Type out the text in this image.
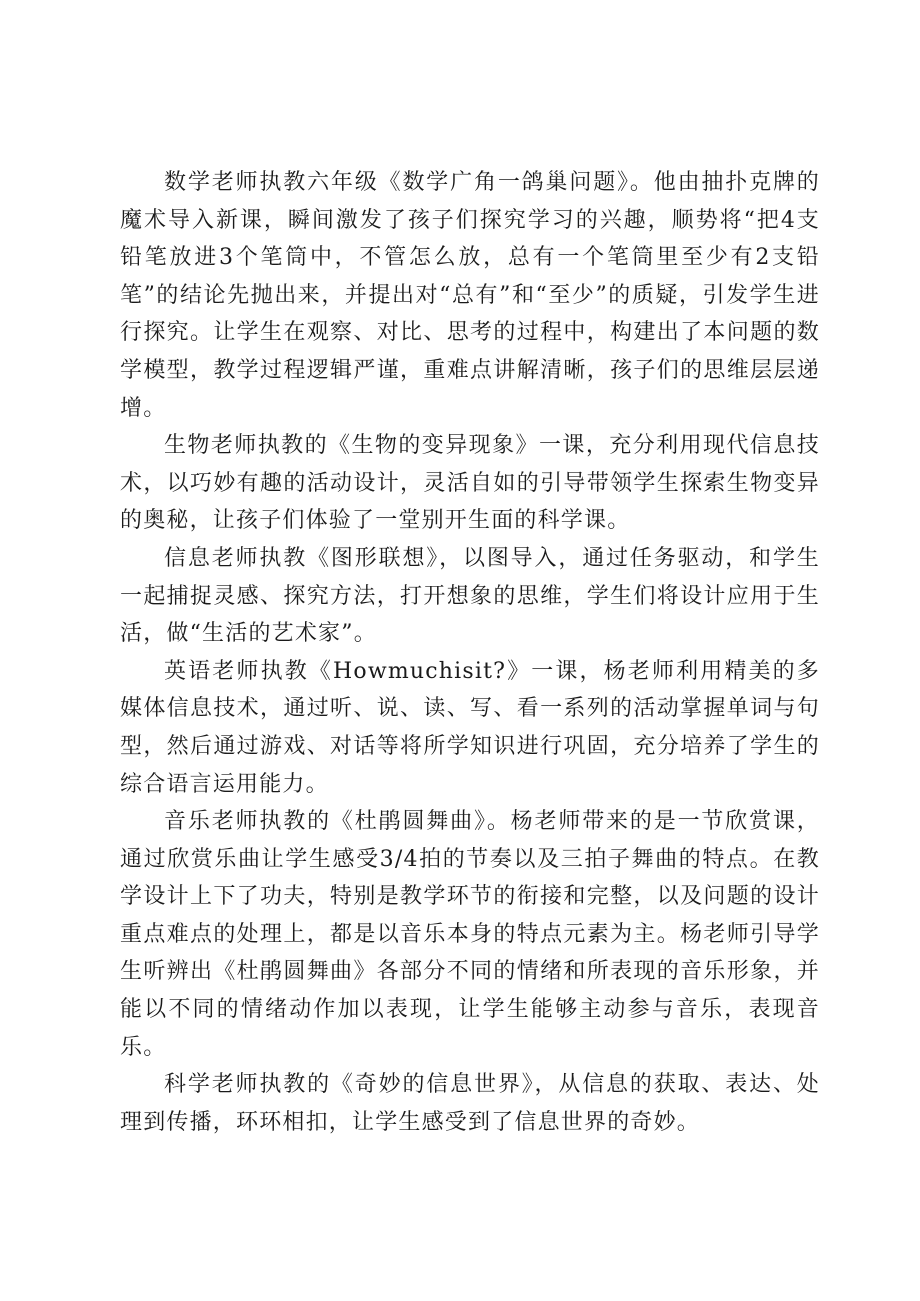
数学老师执教六年级《数学广角一鸽巢问题》。他由抽扑克牌的魔术导入新课，瞬间激发了孩子们探究学习的兴趣，顺势将“把4支铅笔放进3个笔筒中，不管怎么放，总有一个笔筒里至少有2支铅笔”的结论先抛出来，并提出对“总有”和“至少”的质疑，引发学生进行探究。让学生在观察、对比、思考的过程中，构建出了本问题的数学模型，教学过程逻辑严谨，重难点讲解清晰，孩子们的思维层层递增。

生物老师执教的《生物的变异现象》一课，充分利用现代信息技术，以巧妙有趣的活动设计，灵活自如的引导带领学生探索生物变异的奥秘，让孩子们体验了一堂别开生面的科学课。

信息老师执教《图形联想》，以图导入，通过任务驱动，和学生一起捕捉灵感、探究方法，打开想象的思维，学生们将设计应用于生活，做“生活的艺术家”。

英语老师执教《Howmuchisit?》一课，杨老师利用精美的多媒体信息技术，通过听、说、读、写、看一系列的活动掌握单词与句型，然后通过游戏、对话等将所学知识进行巩固，充分培养了学生的综合语言运用能力。

音乐老师执教的《杜鹃圆舞曲》。杨老师带来的是一节欣赏课，通过欣赏乐曲让学生感受3/4拍的节奏以及三拍子舞曲的特点。在教学设计上下了功夫，特别是教学环节的衔接和完整，以及问题的设计重点难点的处理上，都是以音乐本身的特点元素为主。杨老师引导学生听辨出《杜鹃圆舞曲》各部分不同的情绪和所表现的音乐形象，并能以不同的情绪动作加以表现，让学生能够主动参与音乐，表现音乐。

科学老师执教的《奇妙的信息世界》，从信息的获取、表达、处理到传播，环环相扣，让学生感受到了信息世界的奇妙。
